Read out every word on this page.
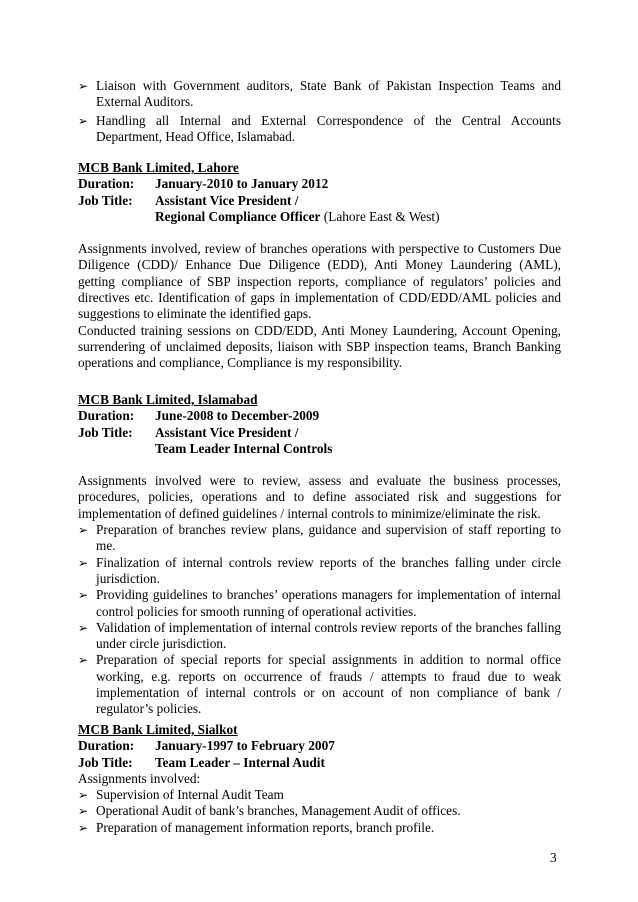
➢ Liaison with Government auditors, State Bank of Pakistan Inspection Teams and External Auditors.
➢ Handling all Internal and External Correspondence of the Central Accounts Department, Head Office, Islamabad.
MCB Bank Limited, Lahore
Duration:	January-2010 to January 2012
Job Title:	Assistant Vice President /
Regional Compliance Officer (Lahore East & West)
Assignments involved, review of branches operations with perspective to Customers Due Diligence (CDD)/ Enhance Due Diligence (EDD), Anti Money Laundering (AML), getting compliance of SBP inspection reports, compliance of regulators’ policies and directives etc. Identification of gaps in implementation of CDD/EDD/AML policies and suggestions to eliminate the identified gaps.
Conducted training sessions on CDD/EDD, Anti Money Laundering, Account Opening, surrendering of unclaimed deposits, liaison with SBP inspection teams, Branch Banking operations and compliance, Compliance is my responsibility.
MCB Bank Limited, Islamabad
Duration:	June-2008 to December-2009
Job Title:	Assistant Vice President /
Team Leader Internal Controls
Assignments involved were to review, assess and evaluate the business processes, procedures, policies, operations and to define associated risk and suggestions for implementation of defined guidelines / internal controls to minimize/eliminate the risk.
➢ Preparation of branches review plans, guidance and supervision of staff reporting to me.
➢ Finalization of internal controls review reports of the branches falling under circle jurisdiction.
➢ Providing guidelines to branches’ operations managers for implementation of internal control policies for smooth running of operational activities.
➢ Validation of implementation of internal controls review reports of the branches falling under circle jurisdiction.
➢ Preparation of special reports for special assignments in addition to normal office working, e.g. reports on occurrence of frauds / attempts to fraud due to weak implementation of internal controls or on account of non compliance of bank / regulator’s policies.
MCB Bank Limited, Sialkot
Duration:	January-1997 to February 2007
Job Title:	Team Leader – Internal Audit
Assignments involved:
➢ Supervision of Internal Audit Team
➢ Operational Audit of bank’s branches, Management Audit of offices.
➢ Preparation of management information reports, branch profile.
3
